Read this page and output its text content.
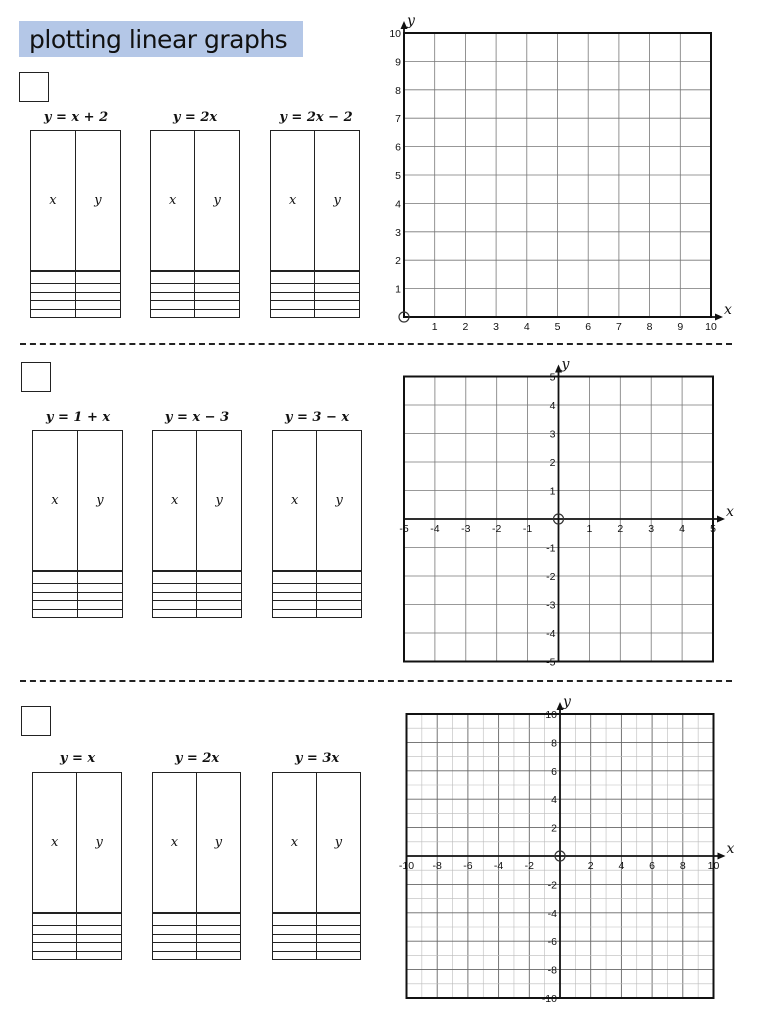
plotting linear graphs
y = x + 2	y = 2x	y = 2x − 2
x	y

		x	y

		x	y

x
y
1 2 3 4 5 6 7 8 9 10
1
2
3
4
5
6
7
8
9
10
y = 1 + x	y = x − 3	y = 3 − x
x	y

		x	y

		x	y

x
y
-5 -4 -3 -2 -1	1 2 3 4 5
-5
-4
-3
-2
-1
1
2
3
4
5
y = x	y = 2x	y = 3x
x	y

		x	y

		x	y

		x
y
-10 -8 -6 -4 -2	2 4 6 8 10
-10
-8
-6
-4
-2
2
4
6
8
10
